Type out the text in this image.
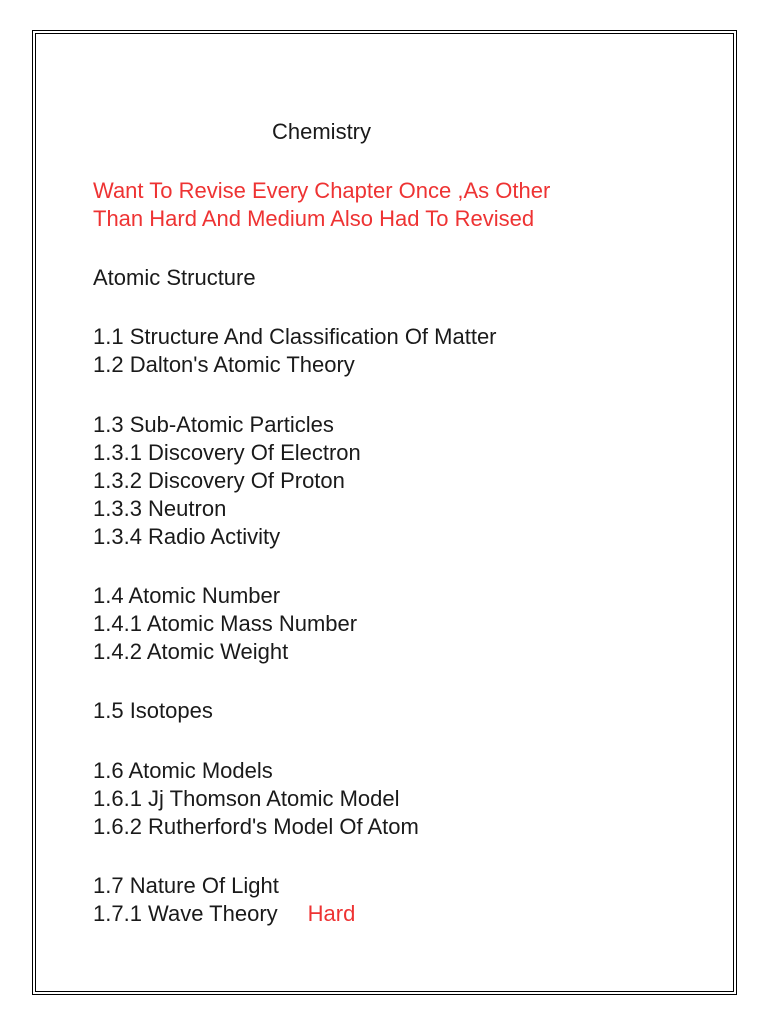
Chemistry
Want To Revise Every Chapter Once ,As Other
Than Hard And Medium Also Had To Revised
Atomic Structure
1.1 Structure And Classification Of Matter
1.2 Dalton's Atomic Theory
1.3 Sub-Atomic Particles
1.3.1 Discovery Of Electron
1.3.2 Discovery Of Proton
1.3.3 Neutron
1.3.4 Radio Activity
1.4 Atomic Number
1.4.1 Atomic Mass Number
1.4.2 Atomic Weight
1.5 Isotopes
1.6 Atomic Models
1.6.1 Jj Thomson Atomic Model
1.6.2 Rutherford's Model Of Atom
1.7 Nature Of Light
1.7.1 Wave Theory Hard
